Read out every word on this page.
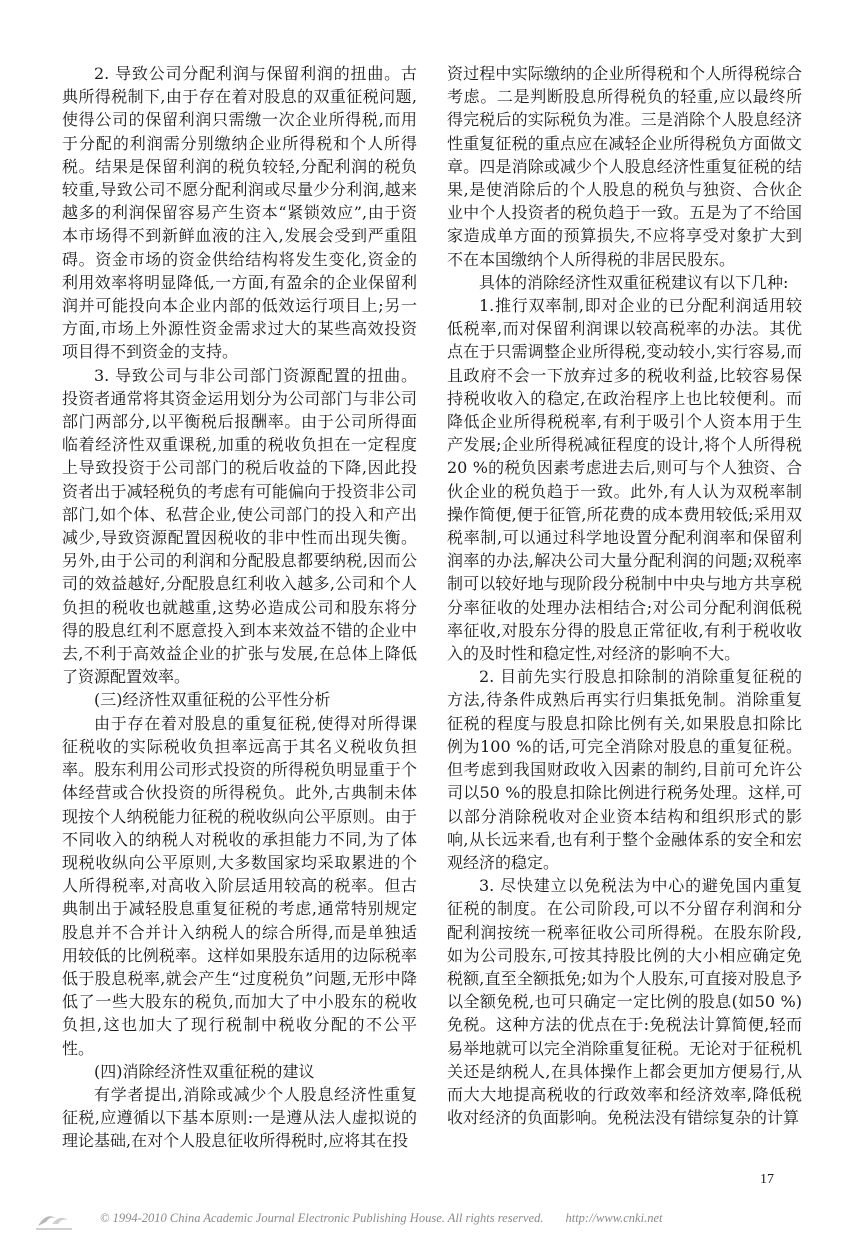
2. 导致公司分配利润与保留利润的扭曲。古典所得税制下,由于存在着对股息的双重征税问题,使得公司的保留利润只需缴一次企业所得税,而用于分配的利润需分别缴纳企业所得税和个人所得税。结果是保留利润的税负较轻,分配利润的税负较重,导致公司不愿分配利润或尽量少分利润,越来越多的利润保留容易产生资本“紧锁效应”,由于资本市场得不到新鲜血液的注入,发展会受到严重阻碍。资金市场的资金供给结构将发生变化,资金的利用效率将明显降低,一方面,有盈余的企业保留利润并可能投向本企业内部的低效运行项目上;另一方面,市场上外源性资金需求过大的某些高效投资项目得不到资金的支持。

3. 导致公司与非公司部门资源配置的扭曲。投资者通常将其资金运用划分为公司部门与非公司部门两部分,以平衡税后报酬率。由于公司所得面临着经济性双重课税,加重的税收负担在一定程度上导致投资于公司部门的税后收益的下降,因此投资者出于减轻税负的考虑有可能偏向于投资非公司部门,如个体、私营企业,使公司部门的投入和产出减少,导致资源配置因税收的非中性而出现失衡。另外,由于公司的利润和分配股息都要纳税,因而公司的效益越好,分配股息红利收入越多,公司和个人负担的税收也就越重,这势必造成公司和股东将分得的股息红利不愿意投入到本来效益不错的企业中去,不利于高效益企业的扩张与发展,在总体上降低了资源配置效率。

(三)经济性双重征税的公平性分析

由于存在着对股息的重复征税,使得对所得课征税收的实际税收负担率远高于其名义税收负担率。股东利用公司形式投资的所得税负明显重于个体经营或合伙投资的所得税负。此外,古典制未体现按个人纳税能力征税的税收纵向公平原则。由于不同收入的纳税人对税收的承担能力不同,为了体现税收纵向公平原则,大多数国家均采取累进的个人所得税率,对高收入阶层适用较高的税率。但古典制出于减轻股息重复征税的考虑,通常特别规定股息并不合并计入纳税人的综合所得,而是单独适用较低的比例税率。这样如果股东适用的边际税率低于股息税率,就会产生“过度税负”问题,无形中降低了一些大股东的税负,而加大了中小股东的税收负担,这也加大了现行税制中税收分配的不公平性。

(四)消除经济性双重征税的建议

有学者提出,消除或减少个人股息经济性重复征税,应遵循以下基本原则:一是遵从法人虚拟说的理论基础,在对个人股息征收所得税时,应将其在投

资过程中实际缴纳的企业所得税和个人所得税综合考虑。二是判断股息所得税负的轻重,应以最终所得完税后的实际税负为准。三是消除个人股息经济性重复征税的重点应在减轻企业所得税负方面做文章。四是消除或减少个人股息经济性重复征税的结果,是使消除后的个人股息的税负与独资、合伙企业中个人投资者的税负趋于一致。五是为了不给国家造成单方面的预算损失,不应将享受对象扩大到不在本国缴纳个人所得税的非居民股东。

具体的消除经济性双重征税建议有以下几种:

1.推行双率制,即对企业的已分配利润适用较低税率,而对保留利润课以较高税率的办法。其优点在于只需调整企业所得税,变动较小,实行容易,而且政府不会一下放弃过多的税收利益,比较容易保持税收收入的稳定,在政治程序上也比较便利。而降低企业所得税税率,有利于吸引个人资本用于生产发展;企业所得税减征程度的设计,将个人所得税20 %的税负因素考虑进去后,则可与个人独资、合伙企业的税负趋于一致。此外,有人认为双税率制操作简便,便于征管,所花费的成本费用较低;采用双税率制,可以通过科学地设置分配利润率和保留利润率的办法,解决公司大量分配利润的问题;双税率制可以较好地与现阶段分税制中中央与地方共享税分率征收的处理办法相结合;对公司分配利润低税率征收,对股东分得的股息正常征收,有利于税收收入的及时性和稳定性,对经济的影响不大。

2. 目前先实行股息扣除制的消除重复征税的方法,待条件成熟后再实行归集抵免制。消除重复征税的程度与股息扣除比例有关,如果股息扣除比例为100 %的话,可完全消除对股息的重复征税。但考虑到我国财政收入因素的制约,目前可允许公司以50 %的股息扣除比例进行税务处理。这样,可以部分消除税收对企业资本结构和组织形式的影响,从长远来看,也有利于整个金融体系的安全和宏观经济的稳定。

3. 尽快建立以免税法为中心的避免国内重复征税的制度。在公司阶段,可以不分留存利润和分配利润按统一税率征收公司所得税。在股东阶段,如为公司股东,可按其持股比例的大小相应确定免税额,直至全额抵免;如为个人股东,可直接对股息予以全额免税,也可只确定一定比例的股息(如50 %)免税。这种方法的优点在于:免税法计算简便,轻而易举地就可以完全消除重复征税。无论对于征税机关还是纳税人,在具体操作上都会更加方便易行,从而大大地提高税收的行政效率和经济效率,降低税收对经济的负面影响。免税法没有错综复杂的计算

17
© 1994-2010 China Academic Journal Electronic Publishing House. All rights reserved. http://www.cnki.net
